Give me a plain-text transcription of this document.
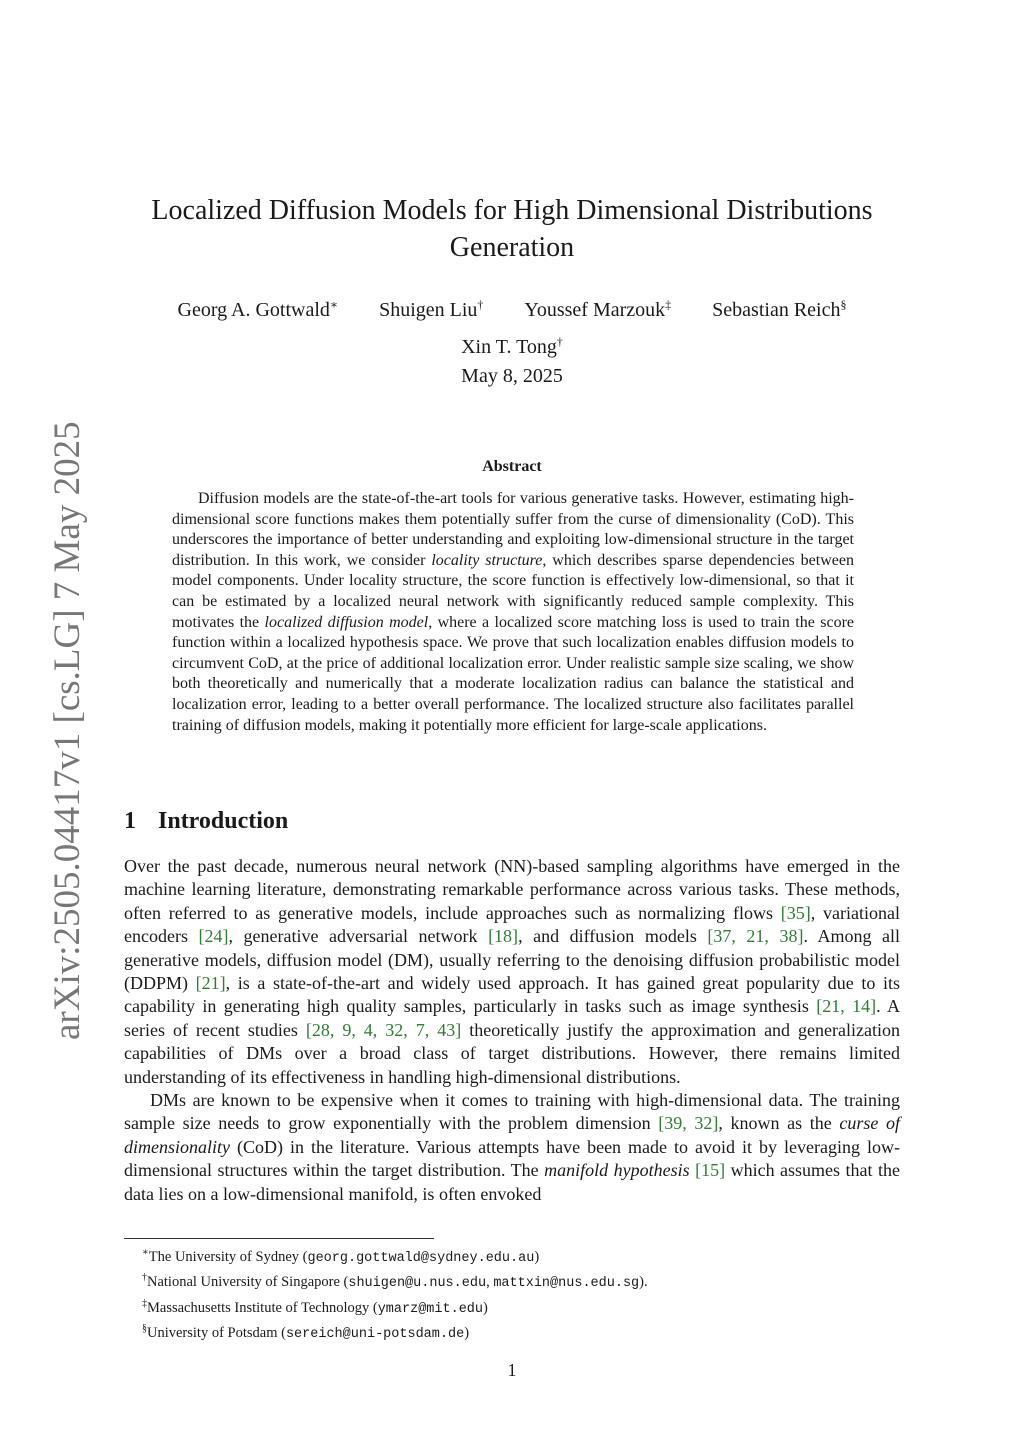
arXiv:2505.04417v1 [cs.LG] 7 May 2025
Localized Diffusion Models for High Dimensional Distributions
Generation
Georg A. Gottwald∗ Shuigen Liu† Youssef Marzouk‡ Sebastian Reich§
Xin T. Tong†
May 8, 2025
Abstract
Diffusion models are the state-of-the-art tools for various generative tasks. However, estimating high-dimensional score functions makes them potentially suffer from the curse of dimensionality (CoD). This underscores the importance of better understanding and exploiting low-dimensional structure in the target distribution. In this work, we consider locality structure, which describes sparse dependencies between model components. Under locality structure, the score function is effectively low-dimensional, so that it can be estimated by a localized neural network with significantly reduced sample complexity. This motivates the localized diffusion model, where a localized score matching loss is used to train the score function within a localized hypothesis space. We prove that such localization enables diffusion models to circumvent CoD, at the price of additional localization error. Under realistic sample size scaling, we show both theoretically and numerically that a moderate localization radius can balance the statistical and localization error, leading to a better overall performance. The localized structure also facilitates parallel training of diffusion models, making it potentially more efficient for large-scale applications.
1 Introduction

Over the past decade, numerous neural network (NN)-based sampling algorithms have emerged in the machine learning literature, demonstrating remarkable performance across various tasks. These methods, often referred to as generative models, include approaches such as normalizing flows [35], variational encoders [24], generative adversarial network [18], and diffusion models [37, 21, 38]. Among all generative models, diffusion model (DM), usually referring to the denoising diffusion probabilistic model (DDPM) [21], is a state-of-the-art and widely used approach. It has gained great popularity due to its capability in generating high quality samples, particularly in tasks such as image synthesis [21, 14]. A series of recent studies [28, 9, 4, 32, 7, 43] theoretically justify the approximation and generalization capabilities of DMs over a broad class of target distributions. However, there remains limited understanding of its effectiveness in handling high-dimensional distributions.

DMs are known to be expensive when it comes to training with high-dimensional data. The training sample size needs to grow exponentially with the problem dimension [39, 32], known as the curse of dimensionality (CoD) in the literature. Various attempts have been made to avoid it by leveraging low-dimensional structures within the target distribution. The manifold hypothesis [15] which assumes that the data lies on a low-dimensional manifold, is often envoked

∗The University of Sydney (georg.gottwald@sydney.edu.au)
†National University of Singapore (shuigen@u.nus.edu, mattxin@nus.edu.sg).
‡Massachusetts Institute of Technology (ymarz@mit.edu)
§University of Potsdam (sereich@uni-potsdam.de)
1
